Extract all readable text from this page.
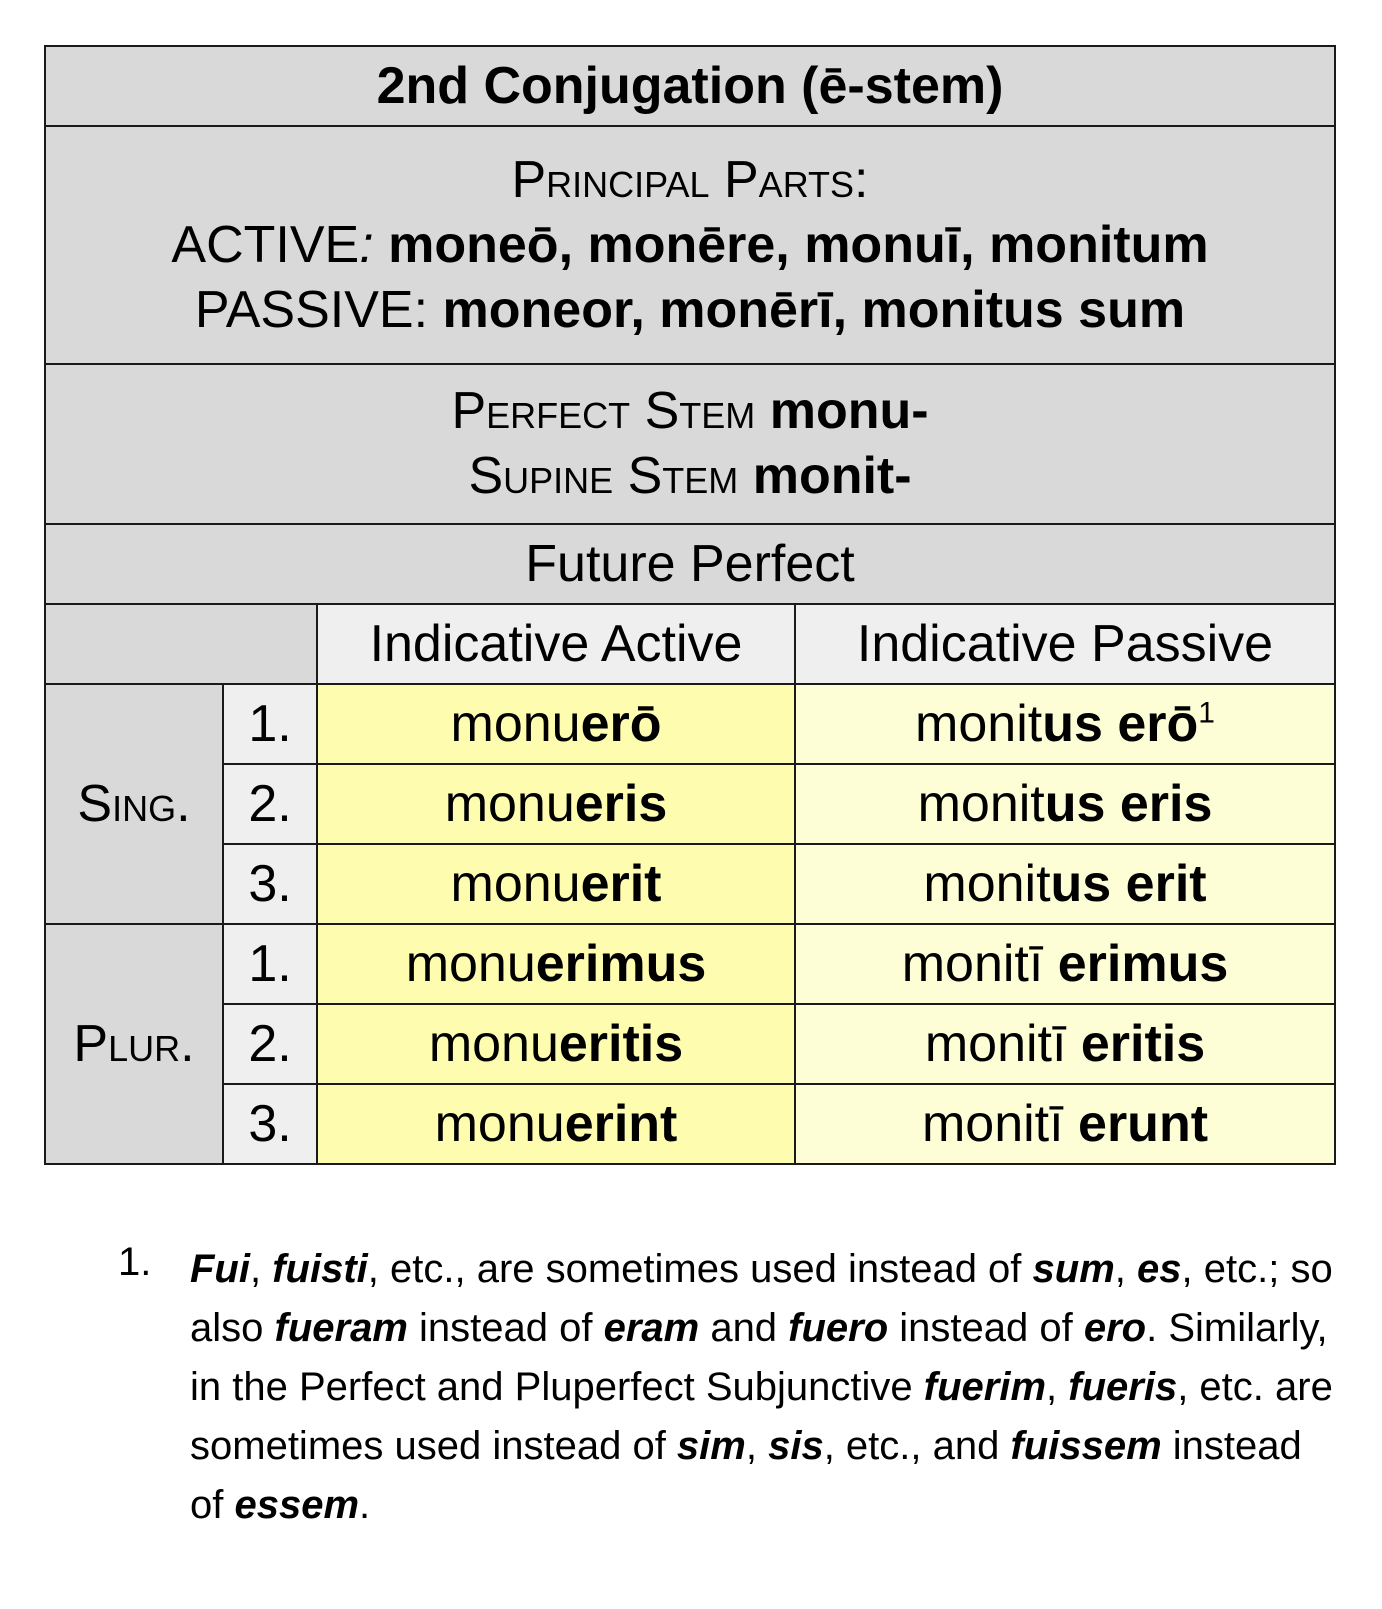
2nd Conjugation (ē-stem)			

Principal Parts:
ACTIVE: moneō, monēre, monuī, monitum
PASSIVE: moneor, monērī, monitus sum			

Perfect Stem monu-
Supine Stem monit-			

Future Perfect			
		Indicative Active	Indicative Passive
Sing.	1.	monuerō	monitus erō$^1$
	2.	monueris	monitus eris
	3.	monuerit	monitus erit
Plur.	1.	monuerimus	monitī erimus
	2.	monueritis	monitī eritis
	3.	monuerint	monitī erunt
1. Fui, fuisti, etc., are sometimes used instead of sum, es, etc.; so also fueram instead of eram and fuero instead of ero. Similarly, in the Perfect and Pluperfect Subjunctive fuerim, fueris, etc. are sometimes used instead of sim, sis, etc., and fuissem instead of essem.
